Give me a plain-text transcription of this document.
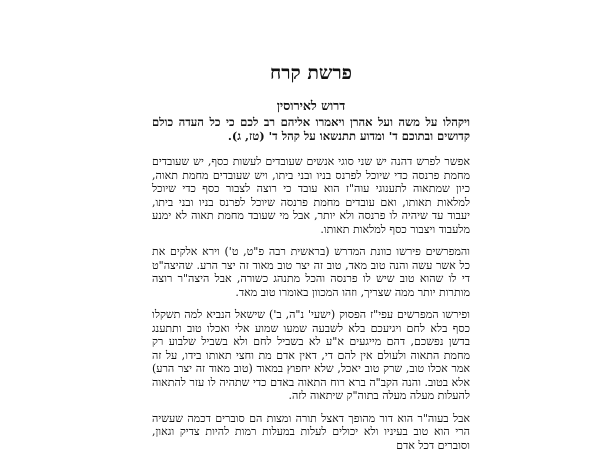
פרשת קרח
דרוש לאירוסין
ויקהלו על משה ועל אהרן ויאמרו אליהם רב לכם כי כל העדה כולם קדושים ובתוכם ד' ומדוע תתנשאו על קהל ד' (טז, ג).
אפשר לפרש דהנה יש שני סוגי אנשים שעובדים לעשות כסף, יש שעובדים מחמת פרנסה כדי שיוכל לפרנס בניו ובני ביתו, ויש שעובדים מחמת תאוה, כיון שמתאוה לתענוגי עוה"ז הוא עובד כי רוצה לצבור כסף כדי שיוכל למלאות תאותו, ואם עובדים מחמת פרנסה שיוכל לפרנס בניו ובני ביתו, יעבוד עד שיהיה לו פרנסה ולא יותר, אבל מי שעובד מחמת תאוה לא ימנע מלעבוד ויצבור כסף למלאות תאותו.
והמפרשים פירשו כוונת המדרש (בראשית רבה פ"ט, ט') וירא אלקים את כל אשר עשה והנה טוב מאד, טוב זה יצר טוב מאוד זה יצר הרע. שהיצה"ט די לו שהוא טוב שיש לו פרנסה והכל מתנהג כשורה, אבל היצה"ר רוצה מותרות יותר ממה שצריך, וזהו המכוון באומרו טוב מאד.
ופירשו המפרשים עפי"ז הפסוק (ישעי' נ"ה, ב') שישאל הנביא למה תשקלו כסף בלא לחם ויגיעכם בלא לשבעה שמעו שמוע אלי ואכלו טוב ותתענג בדשן נפשכם, דהם מייגעים א"ע לא בשביל לחם ולא בשביל שלבוע רק מחמת התאוה ולעולם אין להם די, דאין אדם מת וחצי תאותו בידו, על זה אמר אכלו טוב, שרק טוב יאכל, שלא יחפוץ במאוד (טוב מאוד זה יצר הרע) אלא בטוב. והנה הקב"ה ברא רוח התאוה באדם כדי שתהיה לו עזר להתאוה להעלות מעלה מעלה בתוה"ק שיתאוה לזה.
אבל בעוה"ר הוא דור מהופך דאצל תורה ומצות הם סוברים דכמה שעשיה הרי הוא טוב בעיניו ולא יכולים לעלות במעלות רמות להיות צדיק וגאון, וסוברים דכל אדם
